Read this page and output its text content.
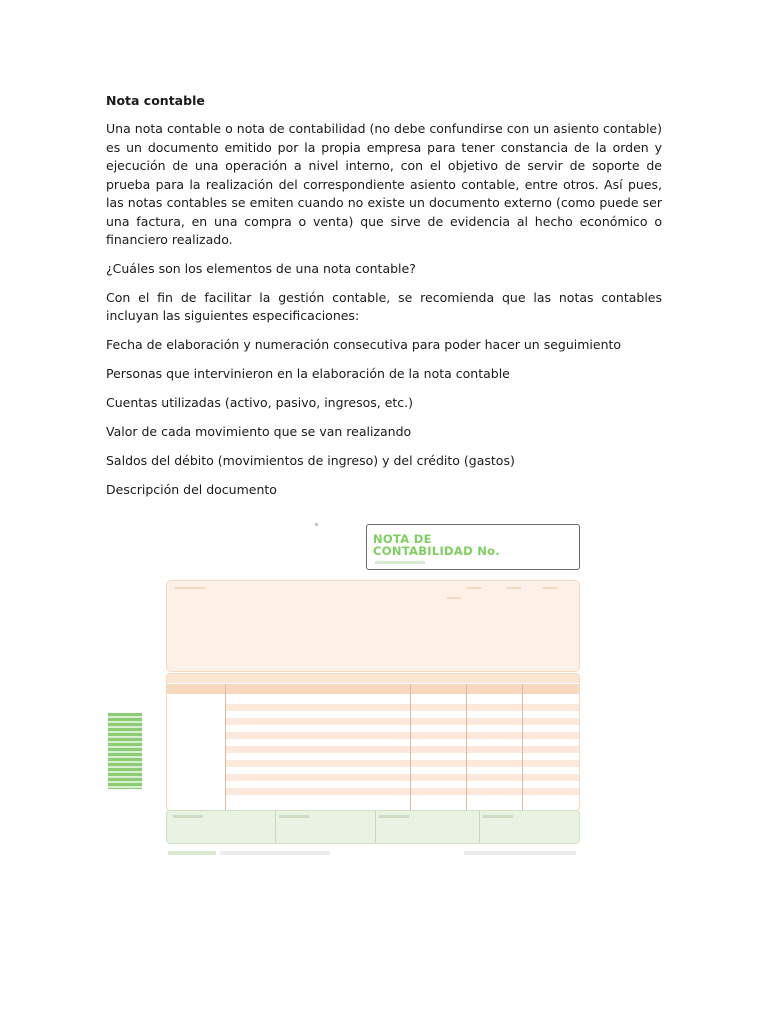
Nota contable

Una nota contable o nota de contabilidad (no debe confundirse con un asiento contable) es un documento emitido por la propia empresa para tener constancia de la orden y ejecución de una operación a nivel interno, con el objetivo de servir de soporte de prueba para la realización del correspondiente asiento contable, entre otros. Así pues, las notas contables se emiten cuando no existe un documento externo (como puede ser una factura, en una compra o venta) que sirve de evidencia al hecho económico o financiero realizado.

¿Cuáles son los elementos de una nota contable?

Con el fin de facilitar la gestión contable, se recomienda que las notas contables incluyan las siguientes especificaciones:

Fecha de elaboración y numeración consecutiva para poder hacer un seguimiento

Personas que intervinieron en la elaboración de la nota contable

Cuentas utilizadas (activo, pasivo, ingresos, etc.)

Valor de cada movimiento que se van realizando

Saldos del débito (movimientos de ingreso) y del crédito (gastos)

Descripción del documento

NOTA DE
CONTABILIDAD No.
